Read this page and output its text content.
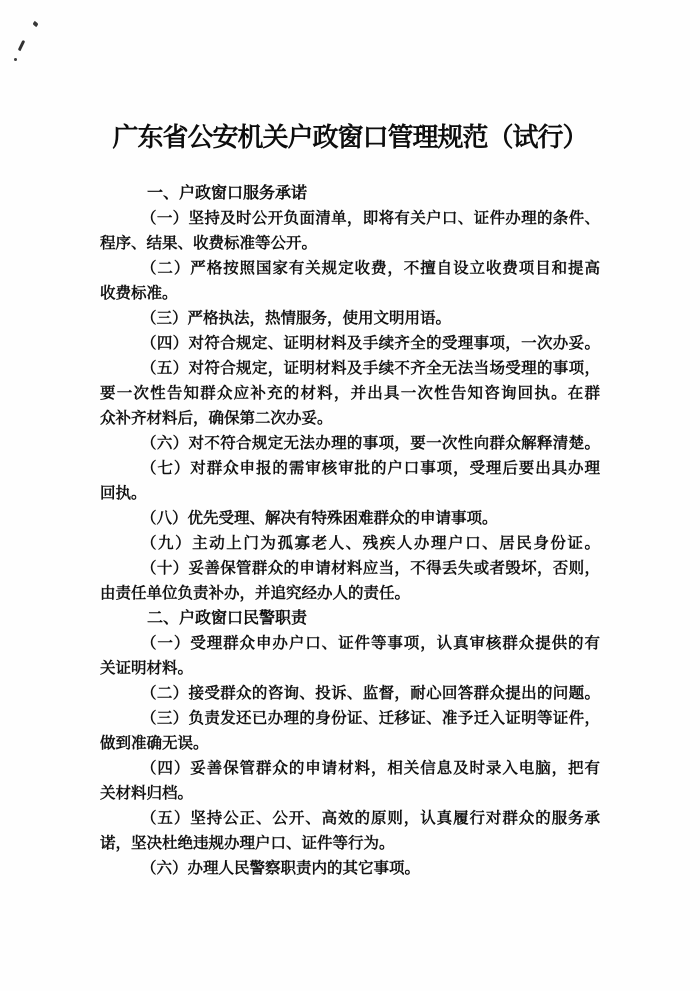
广东省公安机关户政窗口管理规范（试行）
一、户政窗口服务承诺
（一）坚持及时公开负面清单，即将有关户口、证件办理的条件、
程序、结果、收费标准等公开。
（二）严格按照国家有关规定收费，不擅自设立收费项目和提高
收费标准。
（三）严格执法，热情服务，使用文明用语。
（四）对符合规定、证明材料及手续齐全的受理事项，一次办妥。
（五）对符合规定，证明材料及手续不齐全无法当场受理的事项，
要一次性告知群众应补充的材料，并出具一次性告知咨询回执。在群
众补齐材料后，确保第二次办妥。
（六）对不符合规定无法办理的事项，要一次性向群众解释清楚。
（七）对群众申报的需审核审批的户口事项，受理后要出具办理
回执。
（八）优先受理、解决有特殊困难群众的申请事项。
（九）主动上门为孤寡老人、残疾人办理户口、居民身份证。
（十）妥善保管群众的申请材料应当，不得丢失或者毁坏，否则，
由责任单位负责补办，并追究经办人的责任。
二、户政窗口民警职责
（一）受理群众申办户口、证件等事项，认真审核群众提供的有
关证明材料。
（二）接受群众的咨询、投诉、监督，耐心回答群众提出的问题。
（三）负责发还已办理的身份证、迁移证、准予迁入证明等证件，
做到准确无误。
（四）妥善保管群众的申请材料，相关信息及时录入电脑，把有
关材料归档。
（五）坚持公正、公开、高效的原则，认真履行对群众的服务承
诺，坚决杜绝违规办理户口、证件等行为。
（六）办理人民警察职责内的其它事项。
